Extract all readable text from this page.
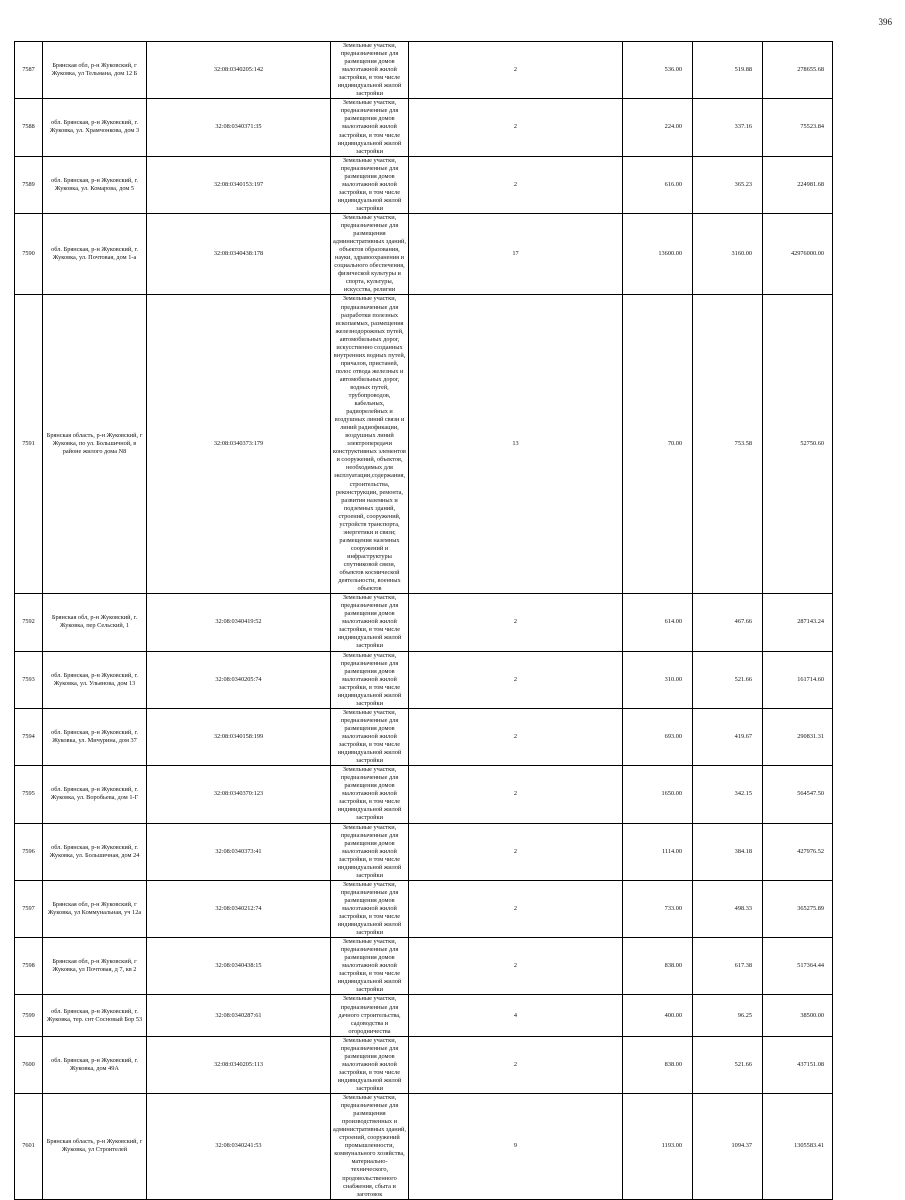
396
7587	Брянская обл, р-н Жуковский, г Жуковка, ул Тельмана, дом 12 Б	32:08:0340205:142	Земельные участки, предназначенные для размещения домов малоэтажной жилой застройки, в том числе индивидуальной жилой застройки	2	536.00	519.88	278655.68
7588	обл. Брянская, р-н Жуковский, г. Жуковка, ул. Храмчонкова, дом 3	32:08:0340371:35	Земельные участки, предназначенные для размещения домов малоэтажной жилой застройки, в том числе индивидуальной жилой застройки	2	224.00	337.16	75523.84
7589	обл. Брянская, р-н Жуковский, г. Жуковка, ул. Комарова, дом 5	32:08:0340153:197	Земельные участки, предназначенные для размещения домов малоэтажной жилой застройки, в том числе индивидуальной жилой застройки	2	616.00	365.23	224981.68
7590	обл. Брянская, р-н Жуковский, г. Жуковка, ул. Почтовая, дом 1-а	32:08:0340438:178	Земельные участки, предназначенные для размещения административных зданий, объектов образования, науки, здравоохранения и социального обеспечения, физической культуры и спорта, культуры, искусства, религии	17	13600.00	3160.00	42976000.00
7591	Брянская область, р-н Жуковский, г Жуковка, по ул. Большичной, в районе жилого дома N8	32:08:0340373:179	Земельные участки, предназначенные для разработки полезных ископаемых, размещения железнодорожных путей, автомобильных дорог, искусственно созданных внутренних водных путей, причалов, пристаней, полос отвода железных и автомобильных дорог, водных путей, трубопроводов, кабельных, радиорелейных и воздушных линий связи и линий радиофикации, воздушных линий электропередачи конструктивных элементов и сооружений, объектов, необходимых для эксплуатации,содержания, строительства, реконструкции, ремонта, развития наземных и подземных зданий, строений, сооружений, устройств транспорта, энергетики и связи; размещения наземных сооружений и инфраструктуры спутниковой связи, объектов космической деятельности, военных объектов	13	70.00	753.58	52750.60
7592	Брянская обл, р-н Жуковский, г. Жуковка, пер Сельский, 1	32:08:0340419:52	Земельные участки, предназначенные для размещения домов малоэтажной жилой застройки, в том числе индивидуальной жилой застройки	2	614.00	467.66	287143.24
7593	обл. Брянская, р-н Жуковский, г. Жуковка, ул. Ульянова, дом 13	32:08:0340205:74	Земельные участки, предназначенные для размещения домов малоэтажной жилой застройки, в том числе индивидуальной жилой застройки	2	310.00	521.66	161714.60
7594	обл. Брянская, р-н Жуковский, г. Жуковка, ул. Мичурина, дом 37	32:08:0340158:199	Земельные участки, предназначенные для размещения домов малоэтажной жилой застройки, в том числе индивидуальной жилой застройки	2	693.00	419.67	290831.31
7595	обл. Брянская, р-н Жуковский, г. Жуковка, ул. Воробьева, дом 1-Г	32:08:0340370:123	Земельные участки, предназначенные для размещения домов малоэтажной жилой застройки, в том числе индивидуальной жилой застройки	2	1650.00	342.15	564547.50
7596	обл. Брянская, р-н Жуковский, г. Жуковка, ул. Большичная, дом 24	32:08:0340373:41	Земельные участки, предназначенные для размещения домов малоэтажной жилой застройки, в том числе индивидуальной жилой застройки	2	1114.00	384.18	427976.52
7597	Брянская обл, р-н Жуковский, г Жуковка, ул Коммунальная, уч 12а	32:08:0340212:74	Земельные участки, предназначенные для размещения домов малоэтажной жилой застройки, в том числе индивидуальной жилой застройки	2	733.00	498.33	365275.89
7598	Брянская обл, р-н Жуковский, г Жуковка, ул Почтовая, д 7, кв 2	32:08:0340438:15	Земельные участки, предназначенные для размещения домов малоэтажной жилой застройки, в том числе индивидуальной жилой застройки	2	838.00	617.38	517364.44
7599	обл. Брянская, р-н Жуковский, г. Жуковка, тер. снт Сосновый Бор 53	32:08:0340287:61	Земельные участки, предназначенные для дачного строительства, садоводства и огородничества	4	400.00	96.25	38500.00
7600	обл. Брянская, р-н Жуковский, г. Жуковка, дом 49А	32:08:0340205:113	Земельные участки, предназначенные для размещения домов малоэтажной жилой застройки, в том числе индивидуальной жилой застройки	2	838.00	521.66	437151.08
7601	Брянская область, р-н Жуковский, г Жуковка, ул Строителей	32:08:0340241:53	Земельные участки, предназначенные для размещения производственных и административных зданий, строений, сооружений промышленности, коммунального хозяйства, материально-технического, продовольственного снабжения, сбыта и заготовок	9	1193.00	1094.37	1305583.41
